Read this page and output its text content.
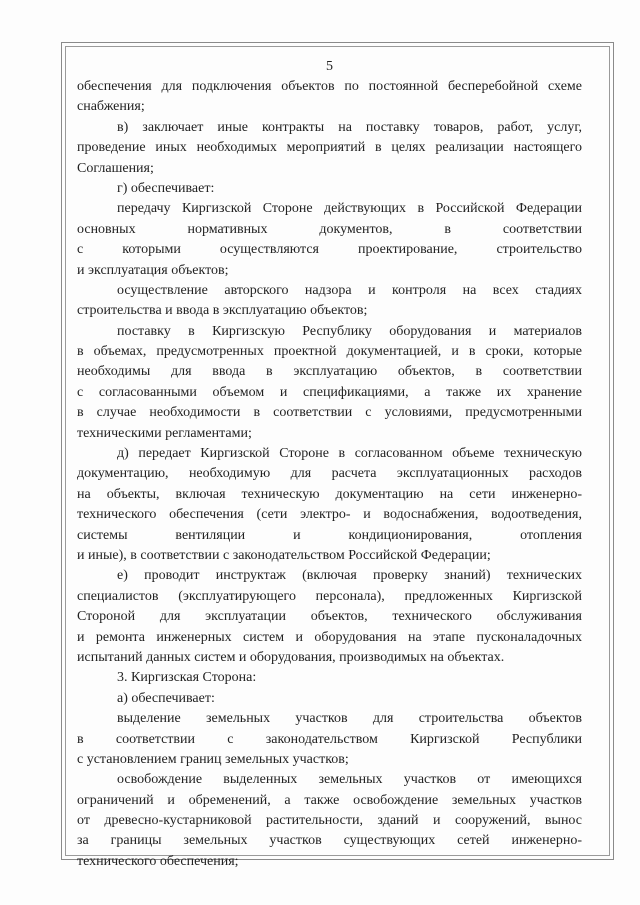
5
обеспечения для подключения объектов по постоянной бесперебойной схеме
снабжения;
в) заключает иные контракты на поставку товаров, работ, услуг,
проведение иных необходимых мероприятий в целях реализации настоящего
Соглашения;
г) обеспечивает:
передачу Киргизской Стороне действующих в Российской Федерации
основных нормативных документов, в соответствии
с которыми осуществляются проектирование, строительство
и эксплуатация объектов;
осуществление авторского надзора и контроля на всех стадиях
строительства и ввода в эксплуатацию объектов;
поставку в Киргизскую Республику оборудования и материалов
в объемах, предусмотренных проектной документацией, и в сроки, которые
необходимы для ввода в эксплуатацию объектов, в соответствии
с согласованными объемом и спецификациями, а также их хранение
в случае необходимости в соответствии с условиями, предусмотренными
техническими регламентами;
д) передает Киргизской Стороне в согласованном объеме техническую
документацию, необходимую для расчета эксплуатационных расходов
на объекты, включая техническую документацию на сети инженерно-
технического обеспечения (сети электро- и водоснабжения, водоотведения,
системы вентиляции и кондиционирования, отопления
и иные), в соответствии с законодательством Российской Федерации;
е) проводит инструктаж (включая проверку знаний) технических
специалистов (эксплуатирующего персонала), предложенных Киргизской
Стороной для эксплуатации объектов, технического обслуживания
и ремонта инженерных систем и оборудования на этапе пусконаладочных
испытаний данных систем и оборудования, производимых на объектах.
3. Киргизская Сторона:
а) обеспечивает:
выделение земельных участков для строительства объектов
в соответствии с законодательством Киргизской Республики
с установлением границ земельных участков;
освобождение выделенных земельных участков от имеющихся
ограничений и обременений, а также освобождение земельных участков
от древесно-кустарниковой растительности, зданий и сооружений, вынос
за границы земельных участков существующих сетей инженерно-
технического обеспечения;
